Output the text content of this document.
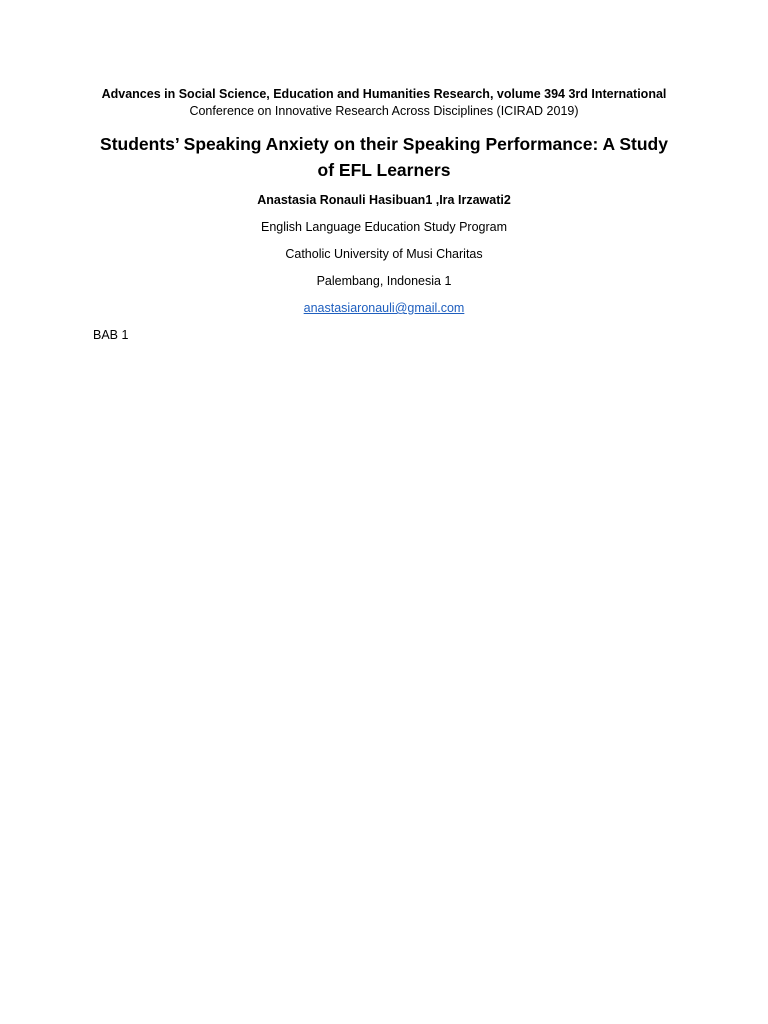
Advances in Social Science, Education and Humanities Research, volume 394 3rd International

Conference on Innovative Research Across Disciplines (ICIRAD 2019)

Students’ Speaking Anxiety on their Speaking Performance: A Study of EFL Learners

Anastasia Ronauli Hasibuan1 ,Ira Irzawati2

English Language Education Study Program

Catholic University of Musi Charitas

Palembang, Indonesia 1

anastasiaronauli@gmail.com

BAB 1
